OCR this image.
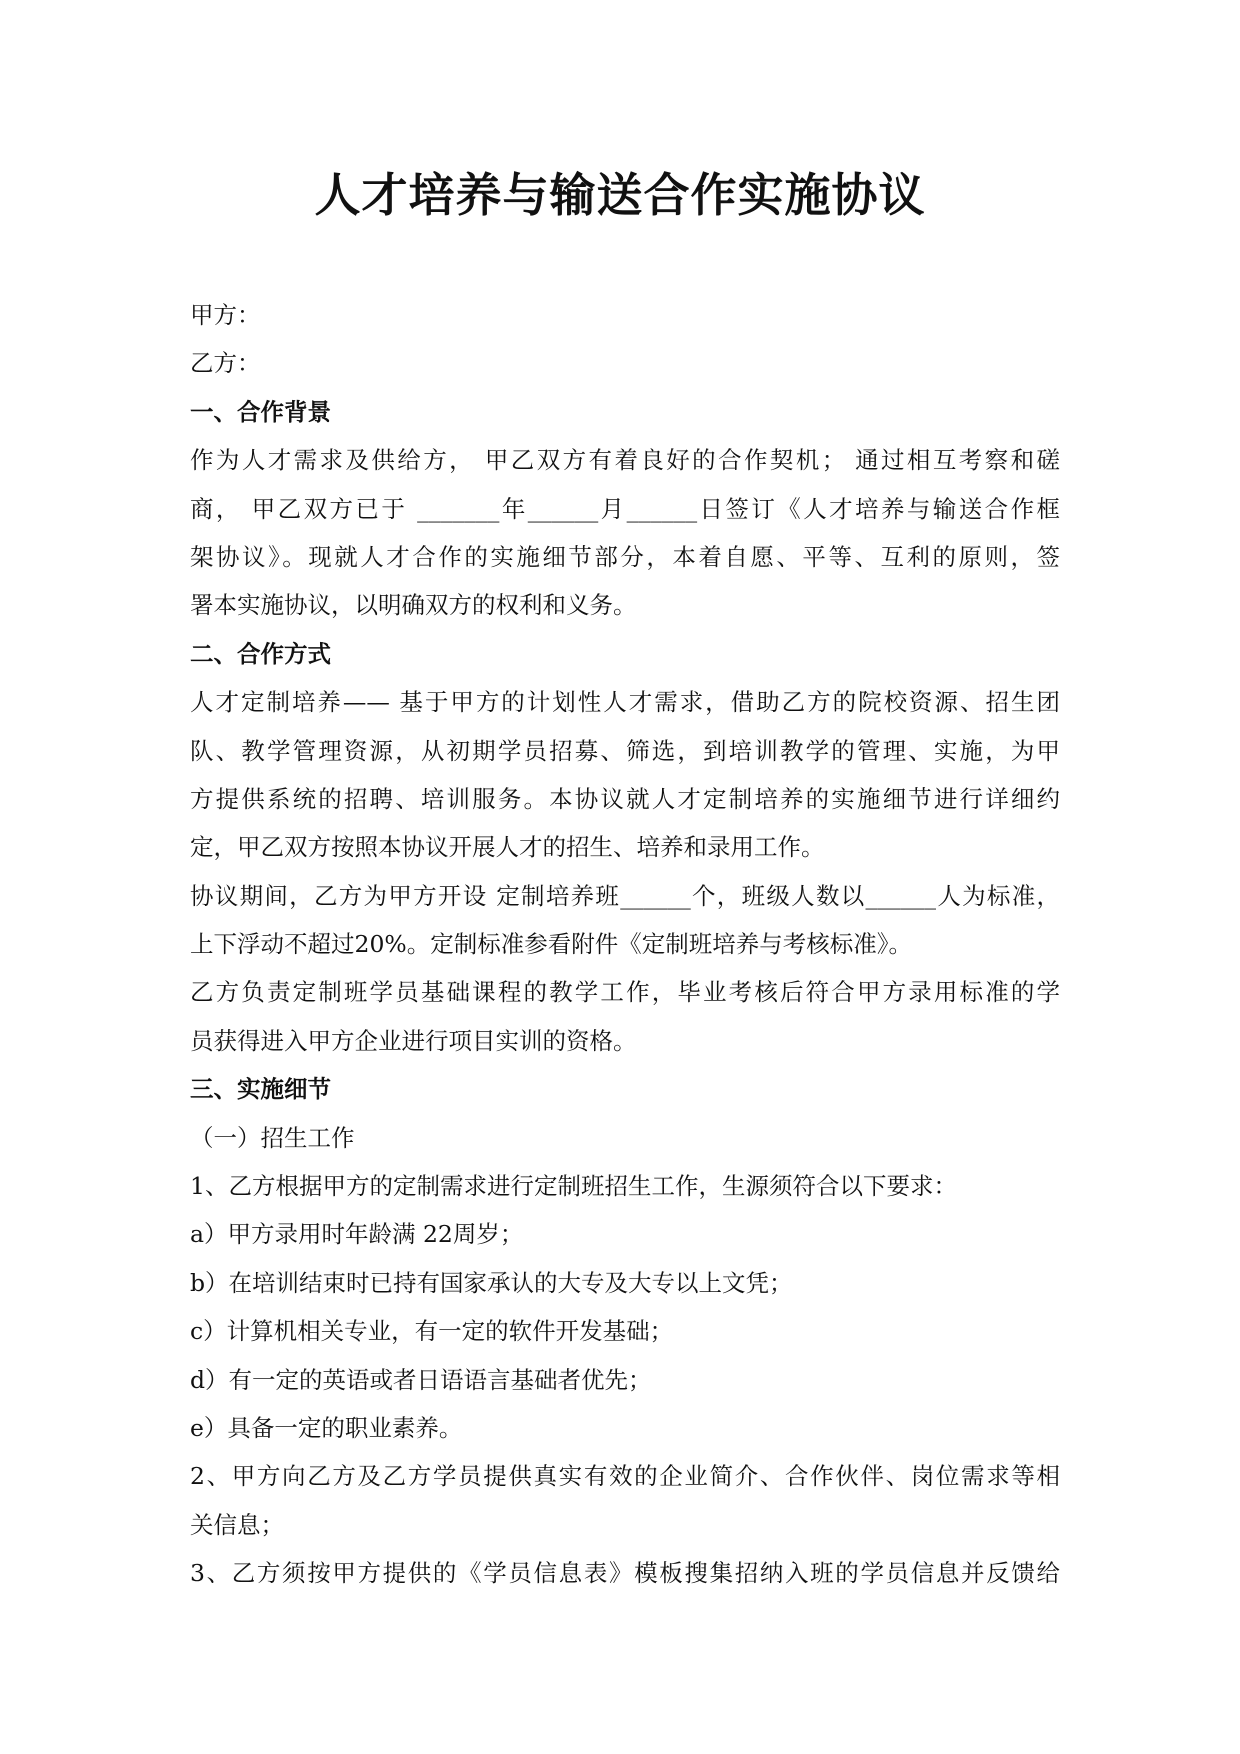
人才培养与输送合作实施协议
甲方：
乙方：
一、合作背景
作为人才需求及供给方， 甲乙双方有着良好的合作契机； 通过相互考察和磋
商， 甲乙双方已于 _______年______月______日签订《人才培养与输送合作框
架协议》。现就人才合作的实施细节部分，本着自愿、平等、互利的原则，签
署本实施协议，以明确双方的权利和义务。
二、合作方式
人才定制培养—— 基于甲方的计划性人才需求，借助乙方的院校资源、招生团
队、教学管理资源，从初期学员招募、筛选，到培训教学的管理、实施，为甲
方提供系统的招聘、培训服务。本协议就人才定制培养的实施细节进行详细约
定，甲乙双方按照本协议开展人才的招生、培养和录用工作。
协议期间，乙方为甲方开设 定制培养班______个，班级人数以______人为标准，
上下浮动不超过20%。定制标准参看附件《定制班培养与考核标准》。
乙方负责定制班学员基础课程的教学工作，毕业考核后符合甲方录用标准的学
员获得进入甲方企业进行项目实训的资格。
三、实施细节
（一）招生工作
1、乙方根据甲方的定制需求进行定制班招生工作，生源须符合以下要求：
a）甲方录用时年龄满 22周岁；
b）在培训结束时已持有国家承认的大专及大专以上文凭；
c）计算机相关专业，有一定的软件开发基础；
d）有一定的英语或者日语语言基础者优先；
e）具备一定的职业素养。
2、甲方向乙方及乙方学员提供真实有效的企业简介、合作伙伴、岗位需求等相
关信息；
3、乙方须按甲方提供的《学员信息表》模板搜集招纳入班的学员信息并反馈给
